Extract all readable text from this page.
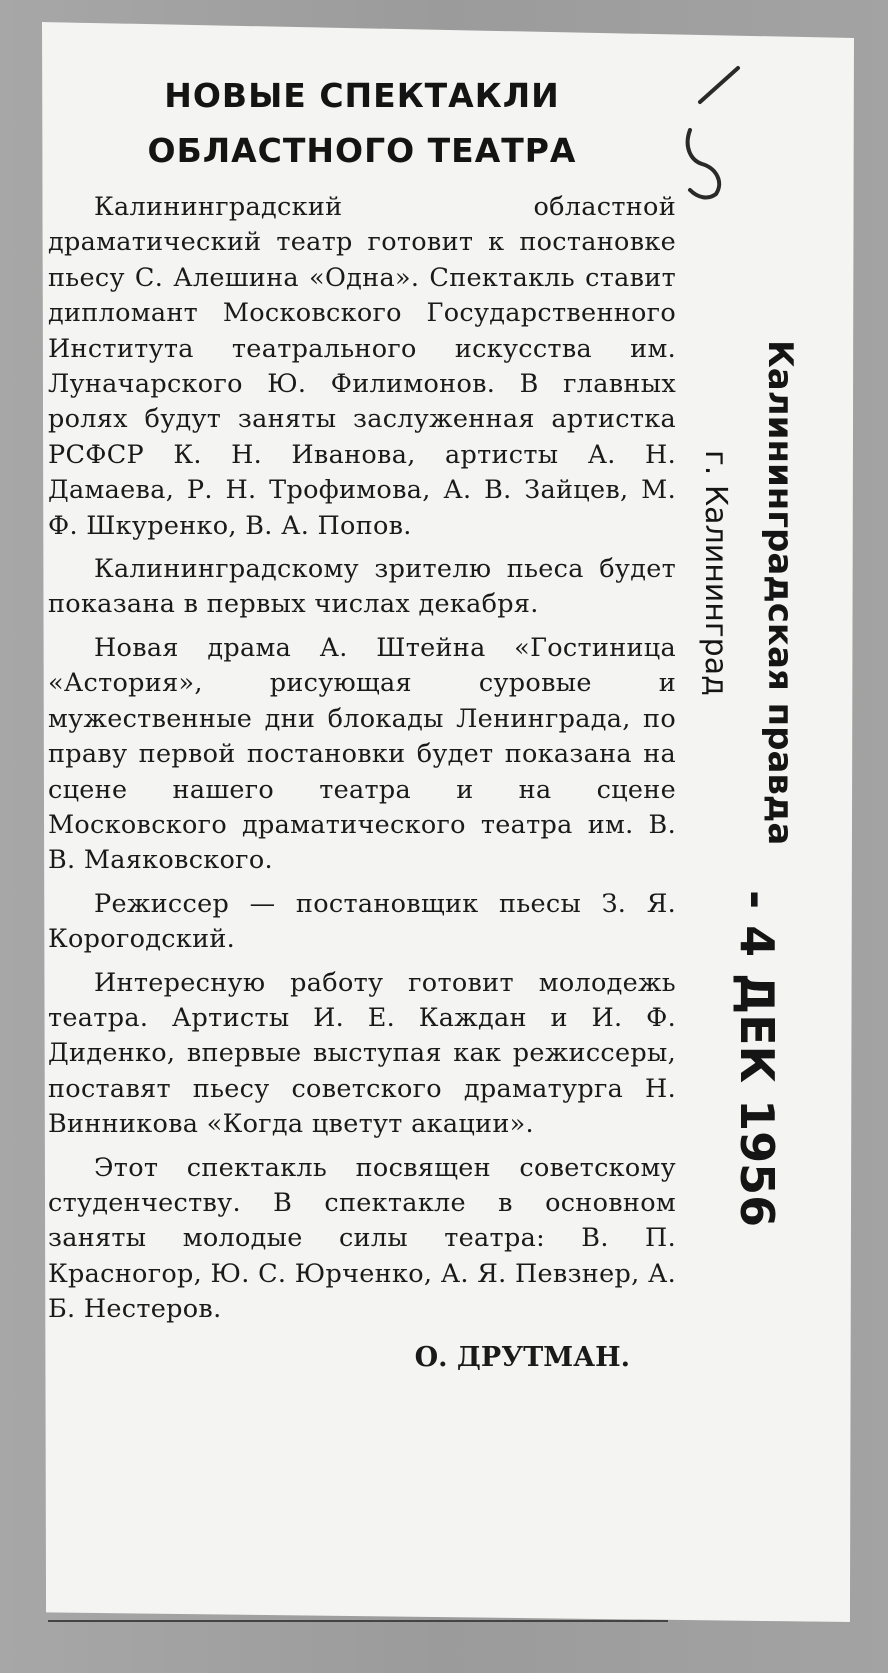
НОВЫЕ СПЕКТАКЛИ
ОБЛАСТНОГО ТЕАТРА

Калининградский областной драматический театр готовит к постановке пьесу С. Алешина «Одна». Спектакль ставит дипломант Московского Государственного Института театрального искусства им. Луначарского Ю. Филимонов. В главных ролях будут заняты заслуженная артистка РСФСР К. Н. Иванова, артисты А. Н. Дамаева, Р. Н. Трофимова, А. В. Зайцев, М. Ф. Шкуренко, В. А. Попов.

Калининградскому зрителю пьеса будет показана в первых числах декабря.

Новая драма А. Штейна «Гостиница «Астория», рисующая суровые и мужественные дни блокады Ленинграда, по праву первой постановки будет показана на сцене нашего театра и на сцене Московского драматического театра им. В. В. Маяковского.

Режиссер — постановщик пьесы З. Я. Корогодский.

Интересную работу готовит молодежь театра. Артисты И. Е. Каждан и И. Ф. Диденко, впервые выступая как режиссеры, поставят пьесу советского драматурга Н. Винникова «Когда цветут акации».

Этот спектакль посвящен советскому студенчеству. В спектакле в основном заняты молодые силы театра: В. П. Красногор, Ю. С. Юрченко, А. Я. Певзнер, А. Б. Нестеров.

О. ДРУТМАН.
Калининградская правда
г. Калининград
- 4 ДЕК 1956
